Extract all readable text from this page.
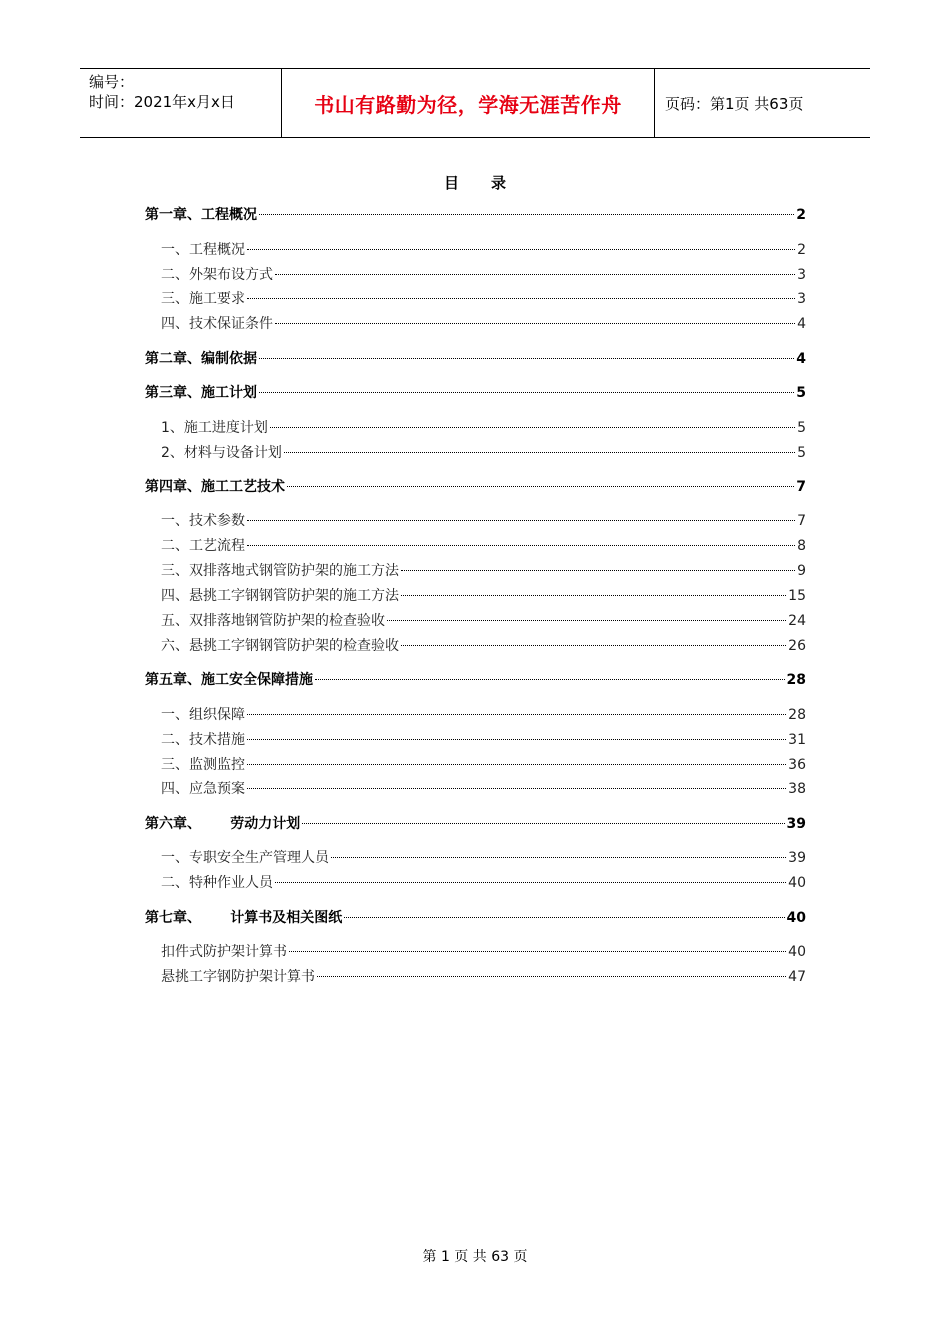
编号：
时间：2021年x月x日	书山有路勤为径，学海无涯苦作舟	页码：第1页 共63页
目录
第一章、工程概况	2
一、工程概况	2
二、外架布设方式	3
三、施工要求	3
四、技术保证条件	4
第二章、编制依据	4
第三章、施工计划	5
1、施工进度计划	5
2、材料与设备计划	5
第四章、施工工艺技术	7
一、技术参数	7
二、工艺流程	8
三、双排落地式钢管防护架的施工方法	9
四、悬挑工字钢钢管防护架的施工方法	15
五、双排落地钢管防护架的检查验收	24
六、悬挑工字钢钢管防护架的检查验收	26
第五章、施工安全保障措施	28
一、组织保障	28
二、技术措施	31
三、监测监控	36
四、应急预案	38
第六章、      劳动力计划	39
一、专职安全生产管理人员	39
二、特种作业人员	40
第七章、      计算书及相关图纸	40
扣件式防护架计算书	40
悬挑工字钢防护架计算书	47
第 1 页 共 63 页
